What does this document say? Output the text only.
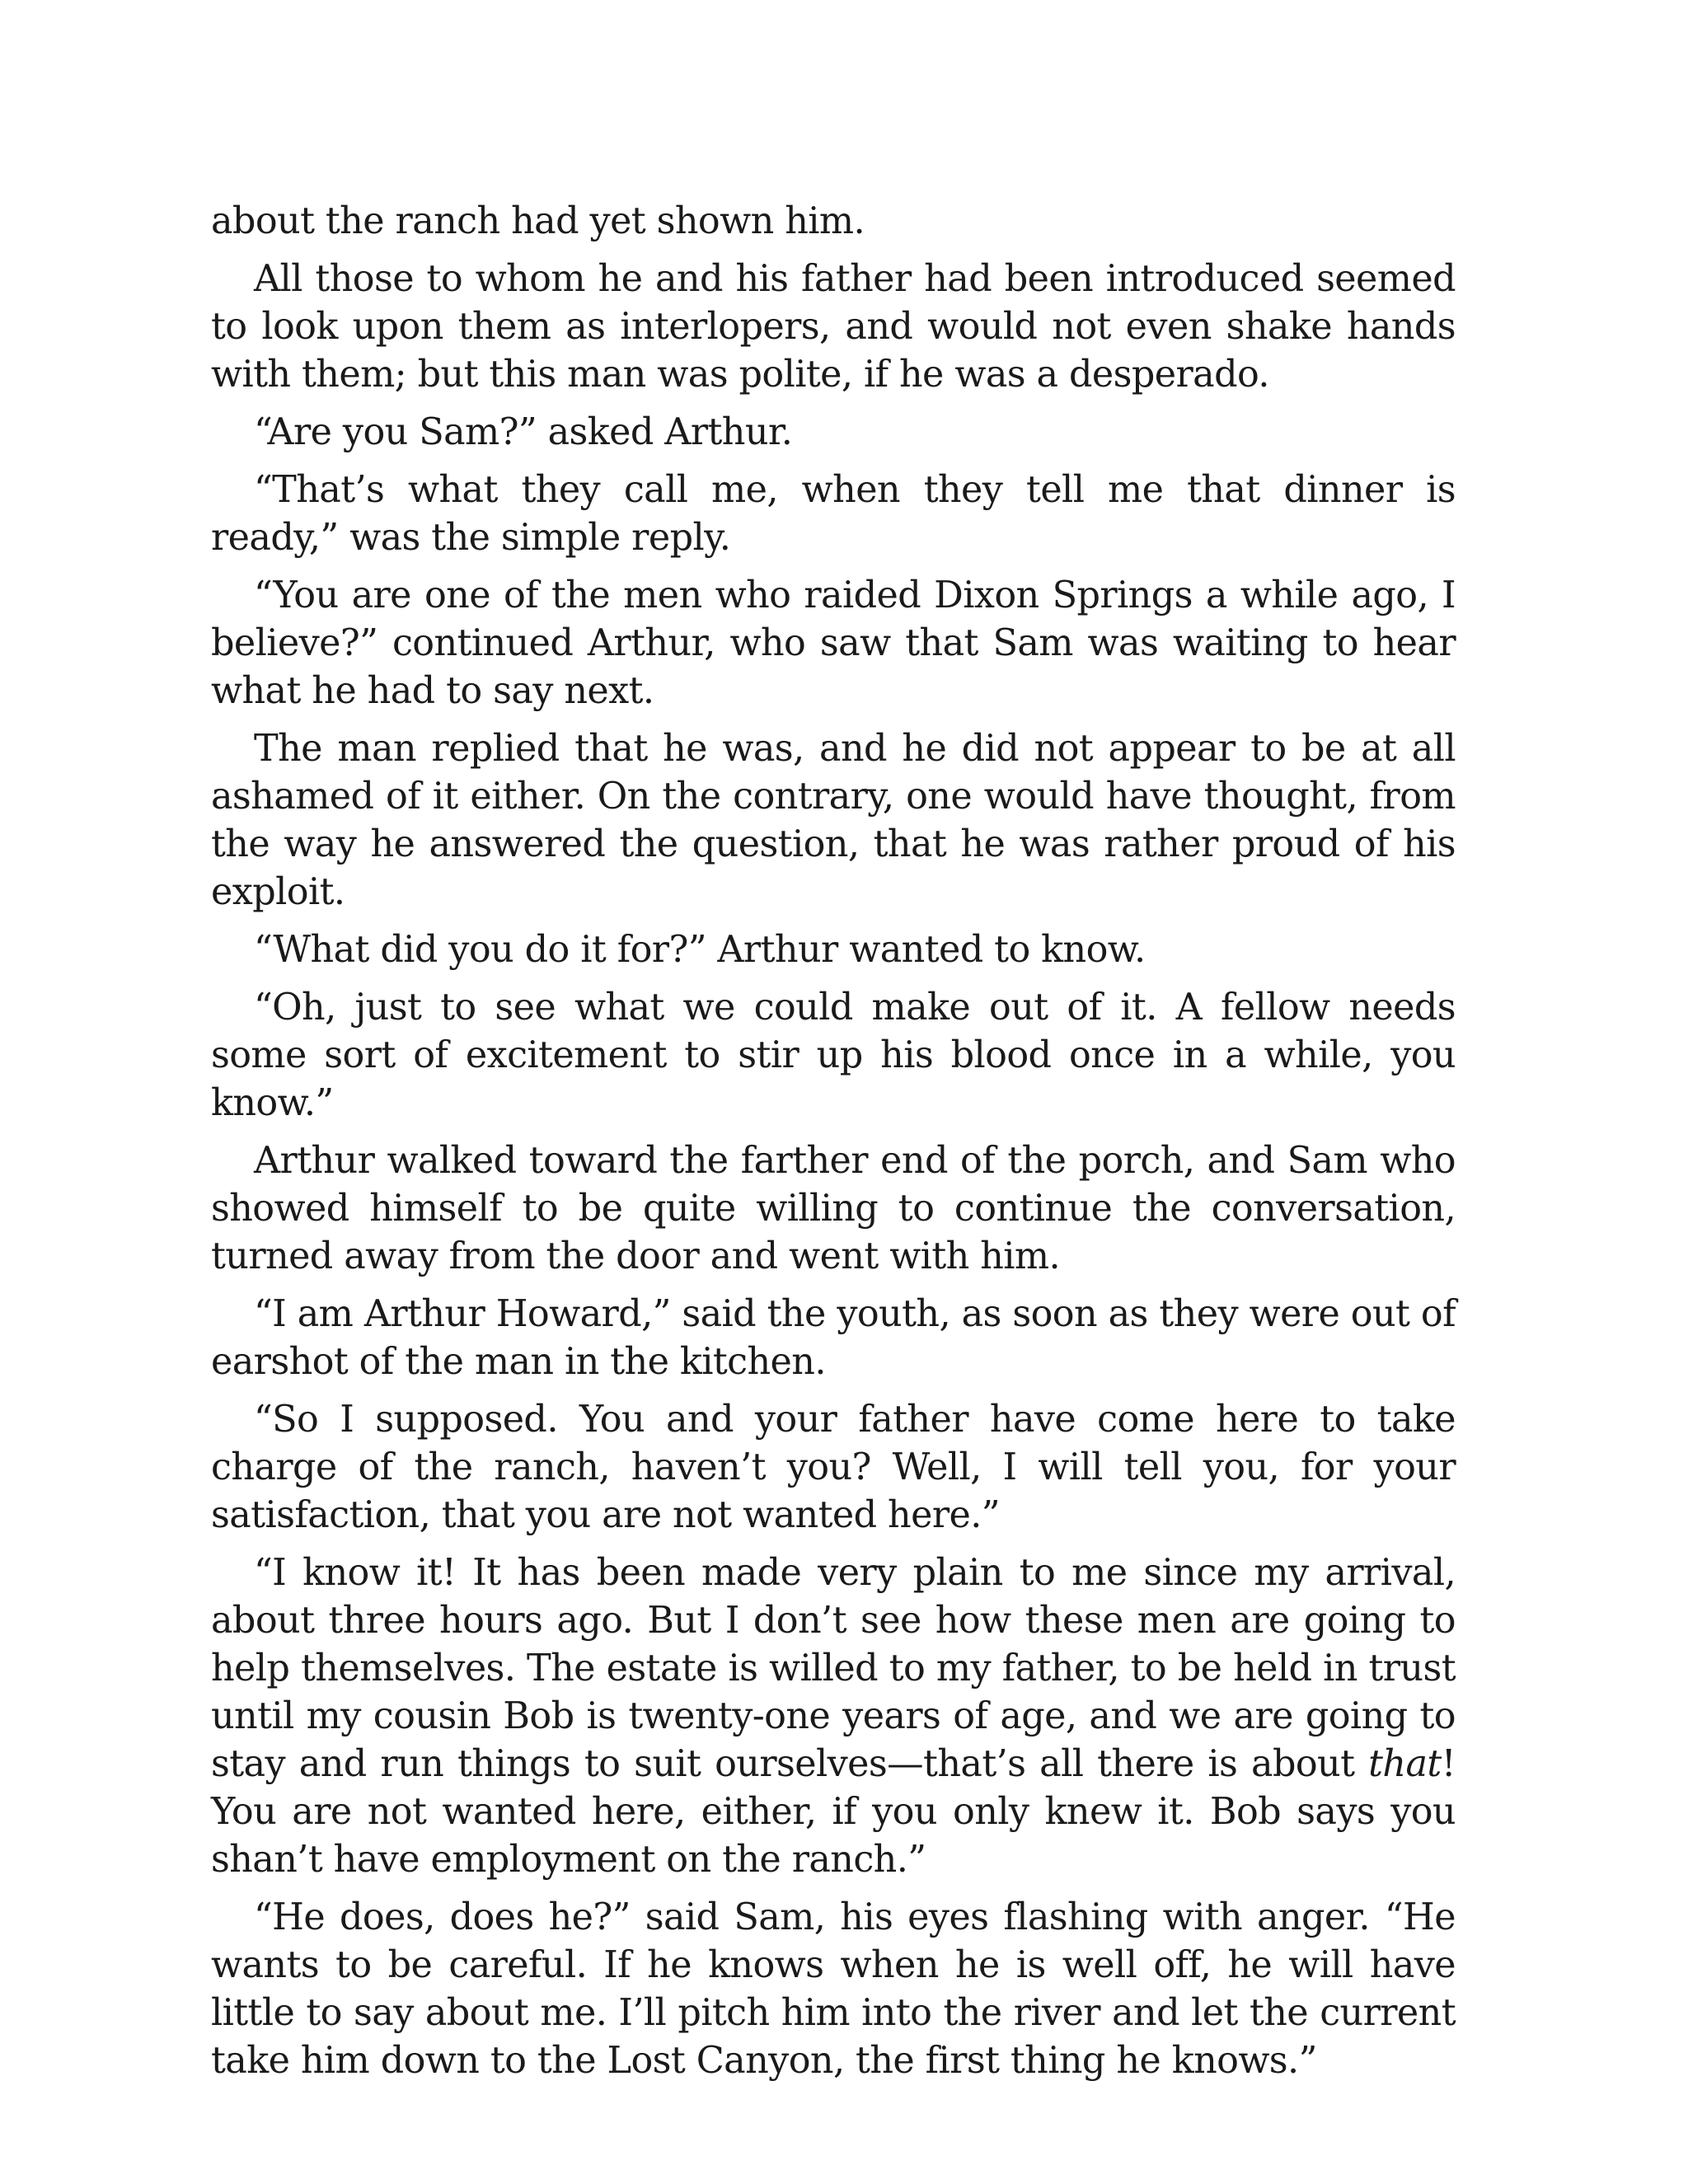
about the ranch had yet shown him.

All those to whom he and his father had been introduced seemed to look upon them as interlopers, and would not even shake hands with them; but this man was polite, if he was a desperado.

“Are you Sam?” asked Arthur.

“That’s what they call me, when they tell me that dinner is ready,” was the simple reply.

“You are one of the men who raided Dixon Springs a while ago, I believe?” continued Arthur, who saw that Sam was waiting to hear what he had to say next.

The man replied that he was, and he did not appear to be at all ashamed of it either. On the contrary, one would have thought, from the way he answered the question, that he was rather proud of his exploit.

“What did you do it for?” Arthur wanted to know.

“Oh, just to see what we could make out of it. A fellow needs some sort of excitement to stir up his blood once in a while, you know.”

Arthur walked toward the farther end of the porch, and Sam who showed himself to be quite willing to continue the conversation, turned away from the door and went with him.

“I am Arthur Howard,” said the youth, as soon as they were out of earshot of the man in the kitchen.

“So I supposed. You and your father have come here to take charge of the ranch, haven’t you? Well, I will tell you, for your satisfaction, that you are not wanted here.”

“I know it! It has been made very plain to me since my arrival, about three hours ago. But I don’t see how these men are going to help themselves. The estate is willed to my father, to be held in trust until my cousin Bob is twenty-one years of age, and we are going to stay and run things to suit ourselves—that’s all there is about that! You are not wanted here, either, if you only knew it. Bob says you shan’t have employment on the ranch.”

“He does, does he?” said Sam, his eyes flashing with anger. “He wants to be careful. If he knows when he is well off, he will have little to say about me. I’ll pitch him into the river and let the current take him down to the Lost Canyon, the first thing he knows.”
